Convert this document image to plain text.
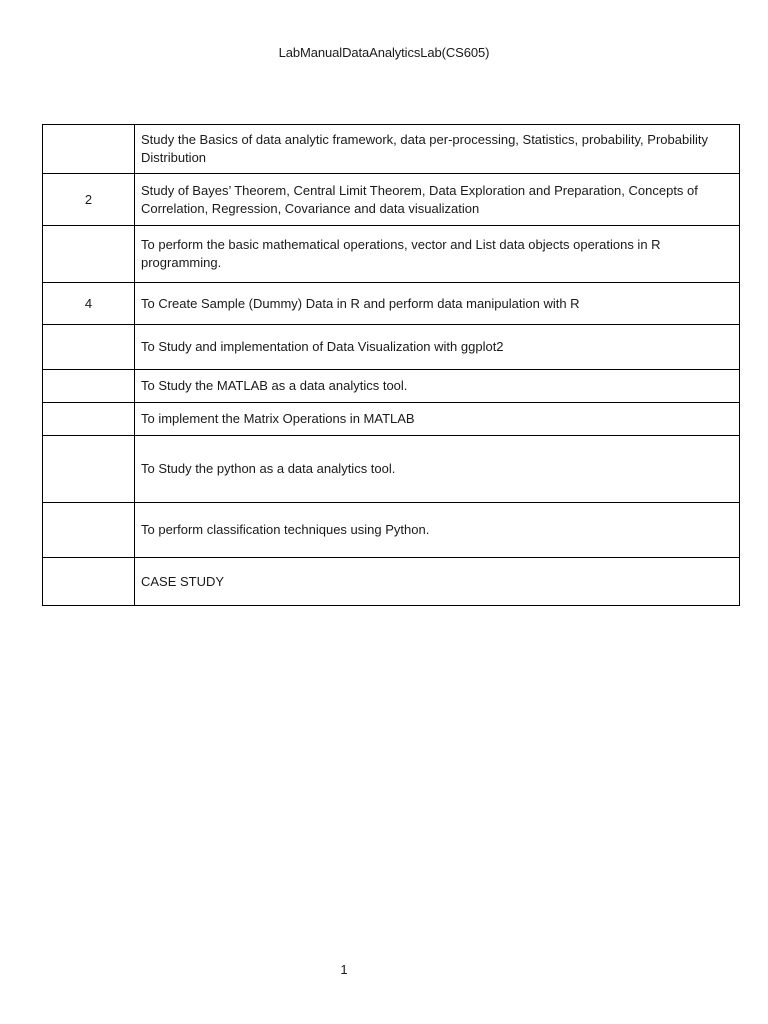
LabManualDataAnalyticsLab(CS605)
	Study the Basics of data analytic framework, data per-processing, Statistics, probability, Probability Distribution
2	Study of Bayes’ Theorem, Central Limit Theorem, Data Exploration and Preparation, Concepts of Correlation, Regression, Covariance and data visualization
	To perform the basic mathematical operations, vector and List data objects operations in R programming.
4	To Create Sample (Dummy) Data in R and perform data manipulation with R
	To Study and implementation of Data Visualization with ggplot2
	To Study the MATLAB as a data analytics tool.
	To implement the Matrix Operations in MATLAB
	To Study the python as a data analytics tool.
	To perform classification techniques using Python.
	CASE STUDY
1
